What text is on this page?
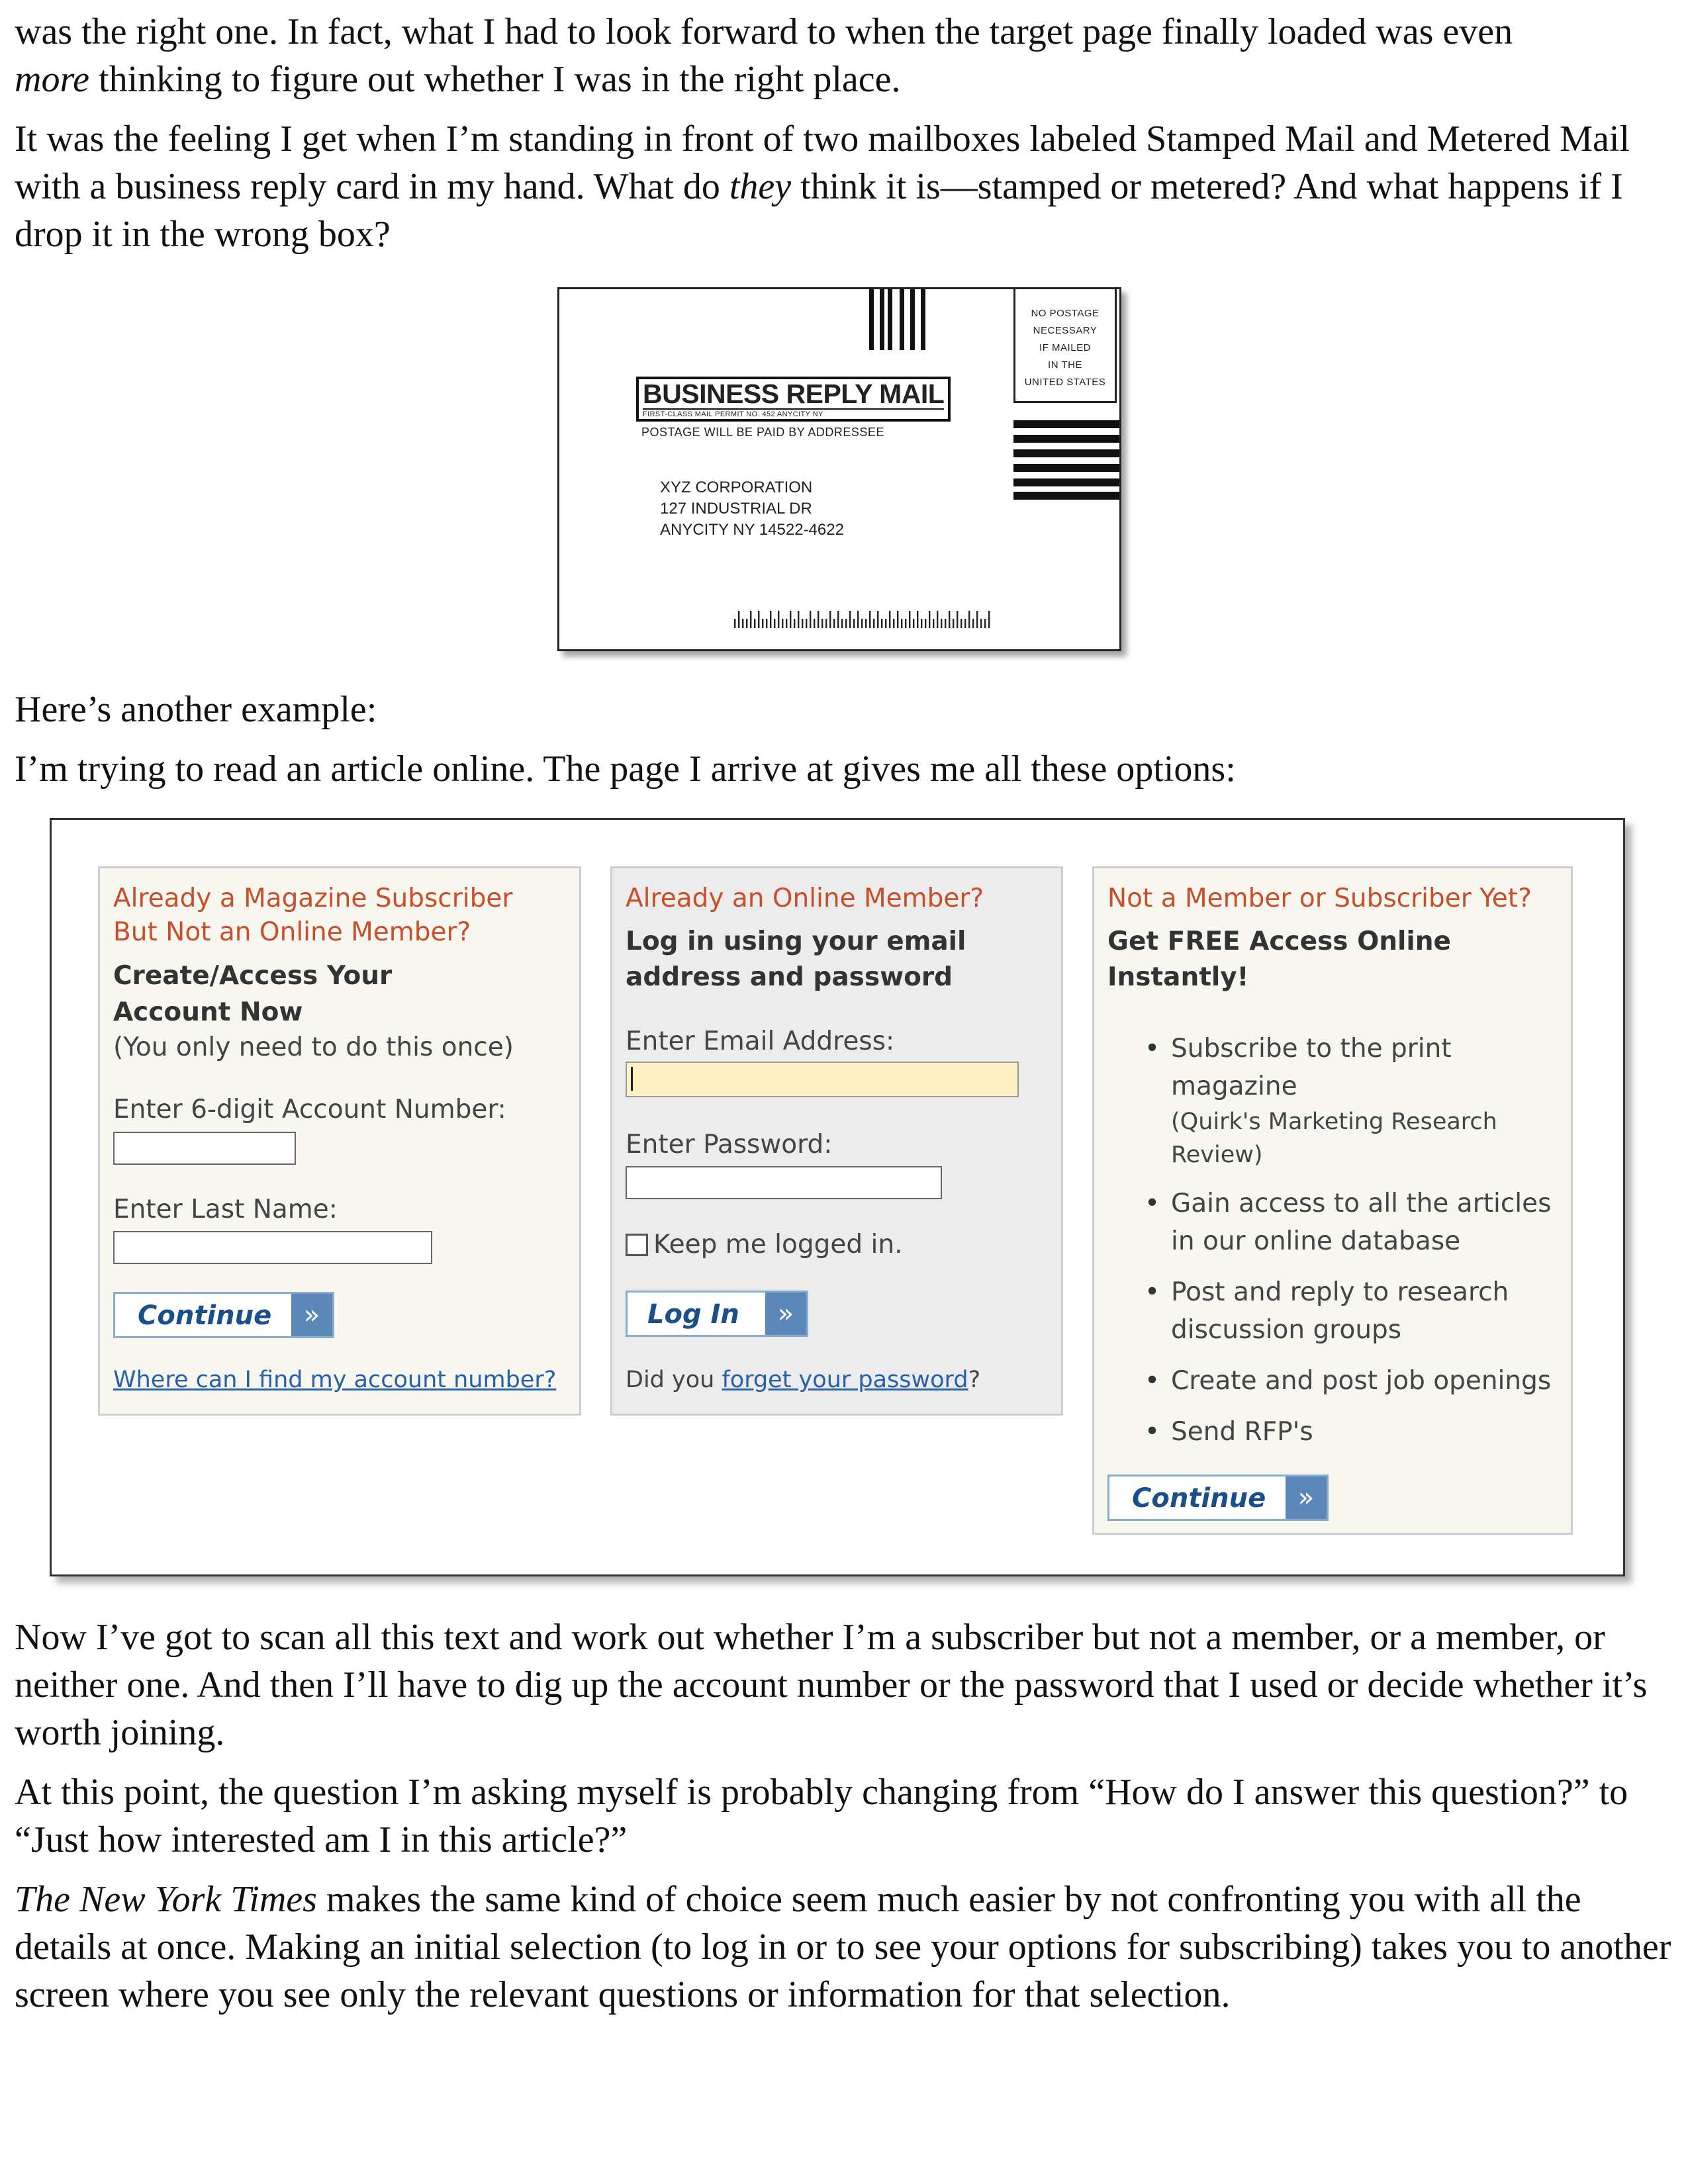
was the right one. In fact, what I had to look forward to when the target page finally loaded was even
more thinking to figure out whether I was in the right place.

It was the feeling I get when I’m standing in front of two mailboxes labeled Stamped Mail and Metered Mail with a business reply card in my hand. What do they think it is—stamped or metered? And what happens if I drop it in the wrong box?

NO POSTAGE
NECESSARY
IF MAILED
IN THE
UNITED STATES
BUSINESS REPLY MAIL
FIRST-CLASS MAIL PERMIT NO. 452 ANYCITY NY
POSTAGE WILL BE PAID BY ADDRESSEE
XYZ CORPORATION
127 INDUSTRIAL DR
ANYCITY NY 14522-4622

Here’s another example:

I’m trying to read an article online. The page I arrive at gives me all these options:

Already a Magazine Subscriber
But Not an Online Member?
Create/Access Your
Account Now
(You only need to do this once)
Enter 6-digit Account Number:
Enter Last Name:
Continue	»
Where can I find my account number?
Already an Online Member?
Log in using your email
address and password
Enter Email Address:
Enter Password:
Keep me logged in.
Log In	»
Did you forget your password?
Not a Member or Subscriber Yet?
Get FREE Access Online
Instantly!
• Subscribe to the print
magazine
(Quirk's Marketing Research
Review)
• Gain access to all the articles
in our online database
• Post and reply to research
discussion groups
• Create and post job openings
• Send RFP's
Continue	»

Now I’ve got to scan all this text and work out whether I’m a subscriber but not a member, or a member, or neither one. And then I’ll have to dig up the account number or the password that I used or decide whether it’s worth joining.

At this point, the question I’m asking myself is probably changing from “How do I answer this question?” to “Just how interested am I in this article?”

The New York Times makes the same kind of choice seem much easier by not confronting you with all the details at once. Making an initial selection (to log in or to see your options for subscribing) takes you to another screen where you see only the relevant questions or information for that selection.
